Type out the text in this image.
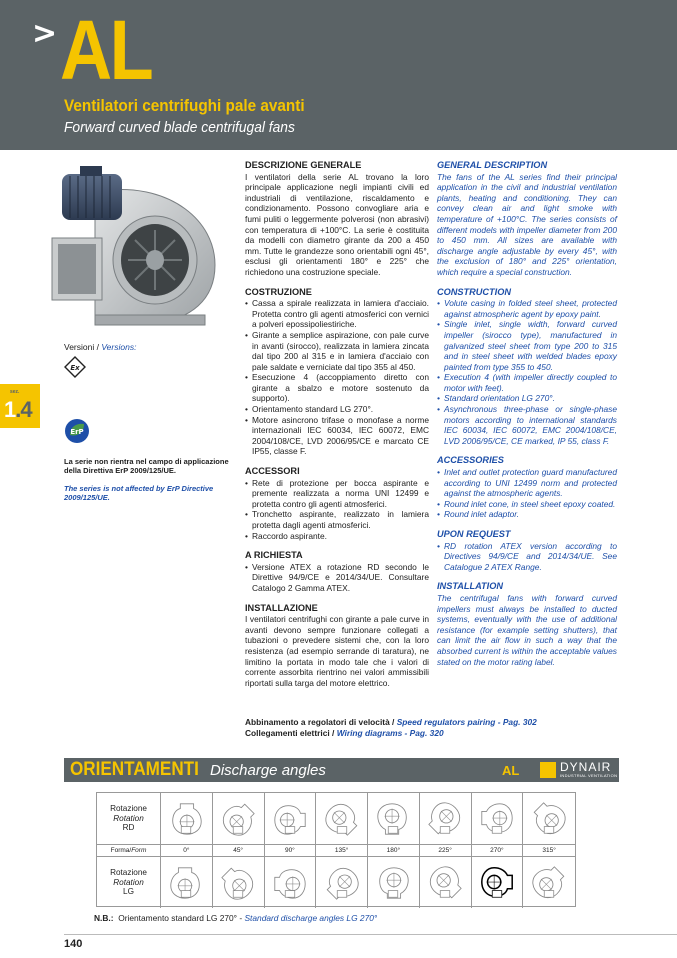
> AL
Ventilatori centrifughi pale avanti
Forward curved blade centrifugal fans
Versioni / Versions:
Ex
sez.
1.4
ErP
La serie non rientra nel campo di applicazione della Direttiva ErP 2009/125/UE.
The series is not affected by ErP Directive 2009/125/UE.
DESCRIZIONE GENERALE
I ventilatori della serie AL trovano la loro principale applicazione negli impianti civili ed industriali di ventilazione, riscaldamento e condizionamento. Possono convogliare aria e fumi puliti o leggermente polverosi (non abrasivi) con temperatura di +100°C. La serie è costituita da modelli con diametro girante da 200 a 450 mm. Tutte le grandezze sono orientabili ogni 45°, esclusi gli orientamenti 180° e 225° che richiedono una costruzione speciale.
COSTRUZIONE
• Cassa a spirale realizzata in lamiera d'acciaio. Protetta contro gli agenti atmosferici con vernici a polveri epossipoliestiriche.
• Girante a semplice aspirazione, con pale curve in avanti (sirocco), realizzata in lamiera zincata dal tipo 200 al 315 e in lamiera d'acciaio con pale saldate e verniciate dal tipo 355 al 450.
• Esecuzione 4 (accoppiamento diretto con girante a sbalzo e motore sostenuto da supporto).
• Orientamento standard LG 270°.
• Motore asincrono trifase o monofase a norme internazionali IEC 60034, IEC 60072, EMC 2004/108/CE, LVD 2006/95/CE e marcato CE IP55, classe F.
ACCESSORI
• Rete di protezione per bocca aspirante e premente realizzata a norma UNI 12499 e protetta contro gli agenti atmosferici.
• Tronchetto aspirante, realizzato in lamiera protetta dagli agenti atmosferici.
• Raccordo aspirante.
A RICHIESTA
• Versione ATEX a rotazione RD secondo le Direttive 94/9/CE e 2014/34/UE. Consultare Catalogo 2 Gamma ATEX.
INSTALLAZIONE
I ventilatori centrifughi con girante a pale curve in avanti devono sempre funzionare collegati a tubazioni o prevedere sistemi che, con la loro resistenza (ad esempio serrande di taratura), ne limitino la portata in modo tale che i valori di corrente assorbita rientrino nei valori ammissibili riportati sulla targa del motore elettrico.
GENERAL DESCRIPTION
The fans of the AL series find their principal application in the civil and industrial ventilation plants, heating and conditioning. They can convey clean air and light smoke with temperature of +100°C. The series consists of different models with impeller diameter from 200 to 450 mm. All sizes are available with discharge angle adjustable by every 45°, with the exclusion of 180° and 225° orientation, which require a special construction.
CONSTRUCTION
• Volute casing in folded steel sheet, protected against atmospheric agent by epoxy paint.
• Single inlet, single width, forward curved impeller (sirocco type), manufactured in galvanized steel sheet from type 200 to 315 and in steel sheet with welded blades epoxy painted from type 355 to 450.
• Execution 4 (with impeller directly coupled to motor with feet).
• Standard orientation LG 270°.
• Asynchronous three-phase or single-phase motors according to international standards IEC 60034, IEC 60072, EMC 2004/108/CE, LVD 2006/95/CE, CE marked, IP 55, class F.
ACCESSORIES
• Inlet and outlet protection guard manufactured according to UNI 12499 norm and protected against the atmospheric agents.
• Round inlet cone, in steel sheet epoxy coated.
• Round inlet adaptor.
UPON REQUEST
• RD rotation ATEX version according to Directives 94/9/CE and 2014/34/UE. See Catalogue 2 ATEX Range.
INSTALLATION
The centrifugal fans with forward curved impellers must always be installed to ducted systems, eventually with the use of additional resistance (for example setting shutters), that can limit the air flow in such a way that the absorbed current is within the acceptable values stated on the motor rating label.
Abbinamento a regolatori di velocità / Speed regulators pairing - Pag. 302
Collegamenti elettrici / Wiring diagrams - Pag. 320
ORIENTAMENTI Discharge angles	AL	DYNAIR
INDUSTRIAL VENTILATION
Rotazione
Rotation
RD
Forma/Form	0°	45°	90°	135°	180°	225°	270°	315°
Rotazione
Rotation
LG
N.B.: Orientamento standard LG 270° - Standard discharge angles LG 270°
140
